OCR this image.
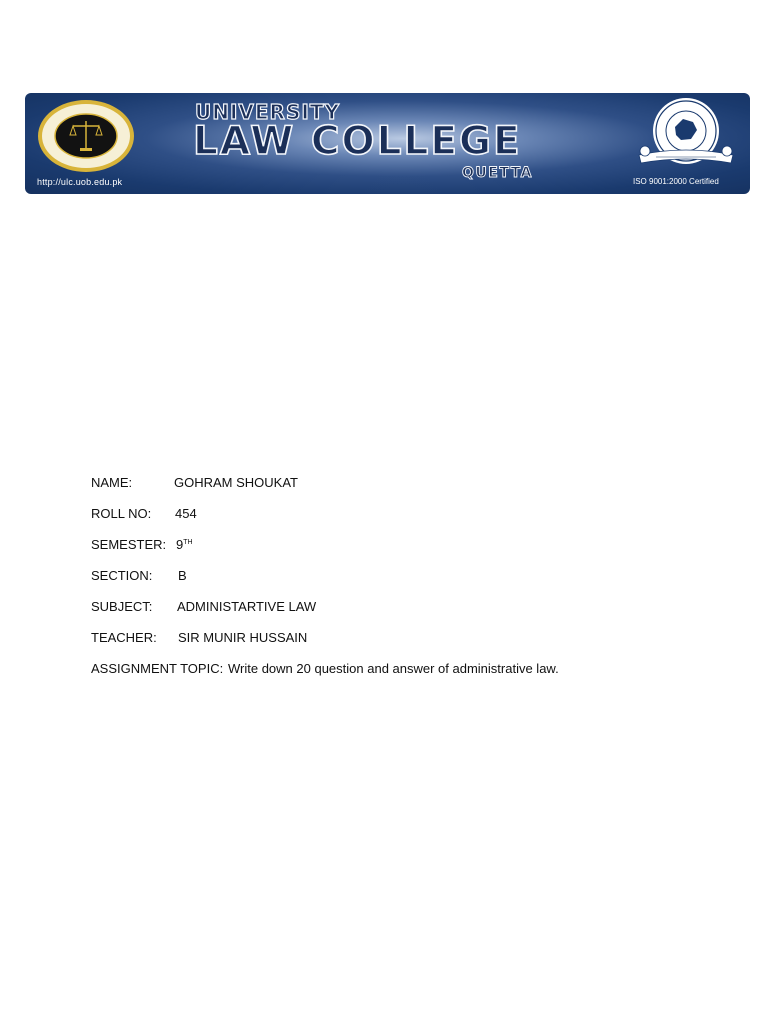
http://ulc.uob.edu.pk
UNIVERSITY
LAW COLLEGE
QUETTA
ISO 9001:2000 Certified
NAME:	GOHRAM SHOUKAT
ROLL NO: 454
SEMESTER: 9TH
SECTION: B
SUBJECT: ADMINISTARTIVE LAW
TEACHER: SIR MUNIR HUSSAIN
ASSIGNMENT TOPIC: Write down 20 question and answer of administrative law.
